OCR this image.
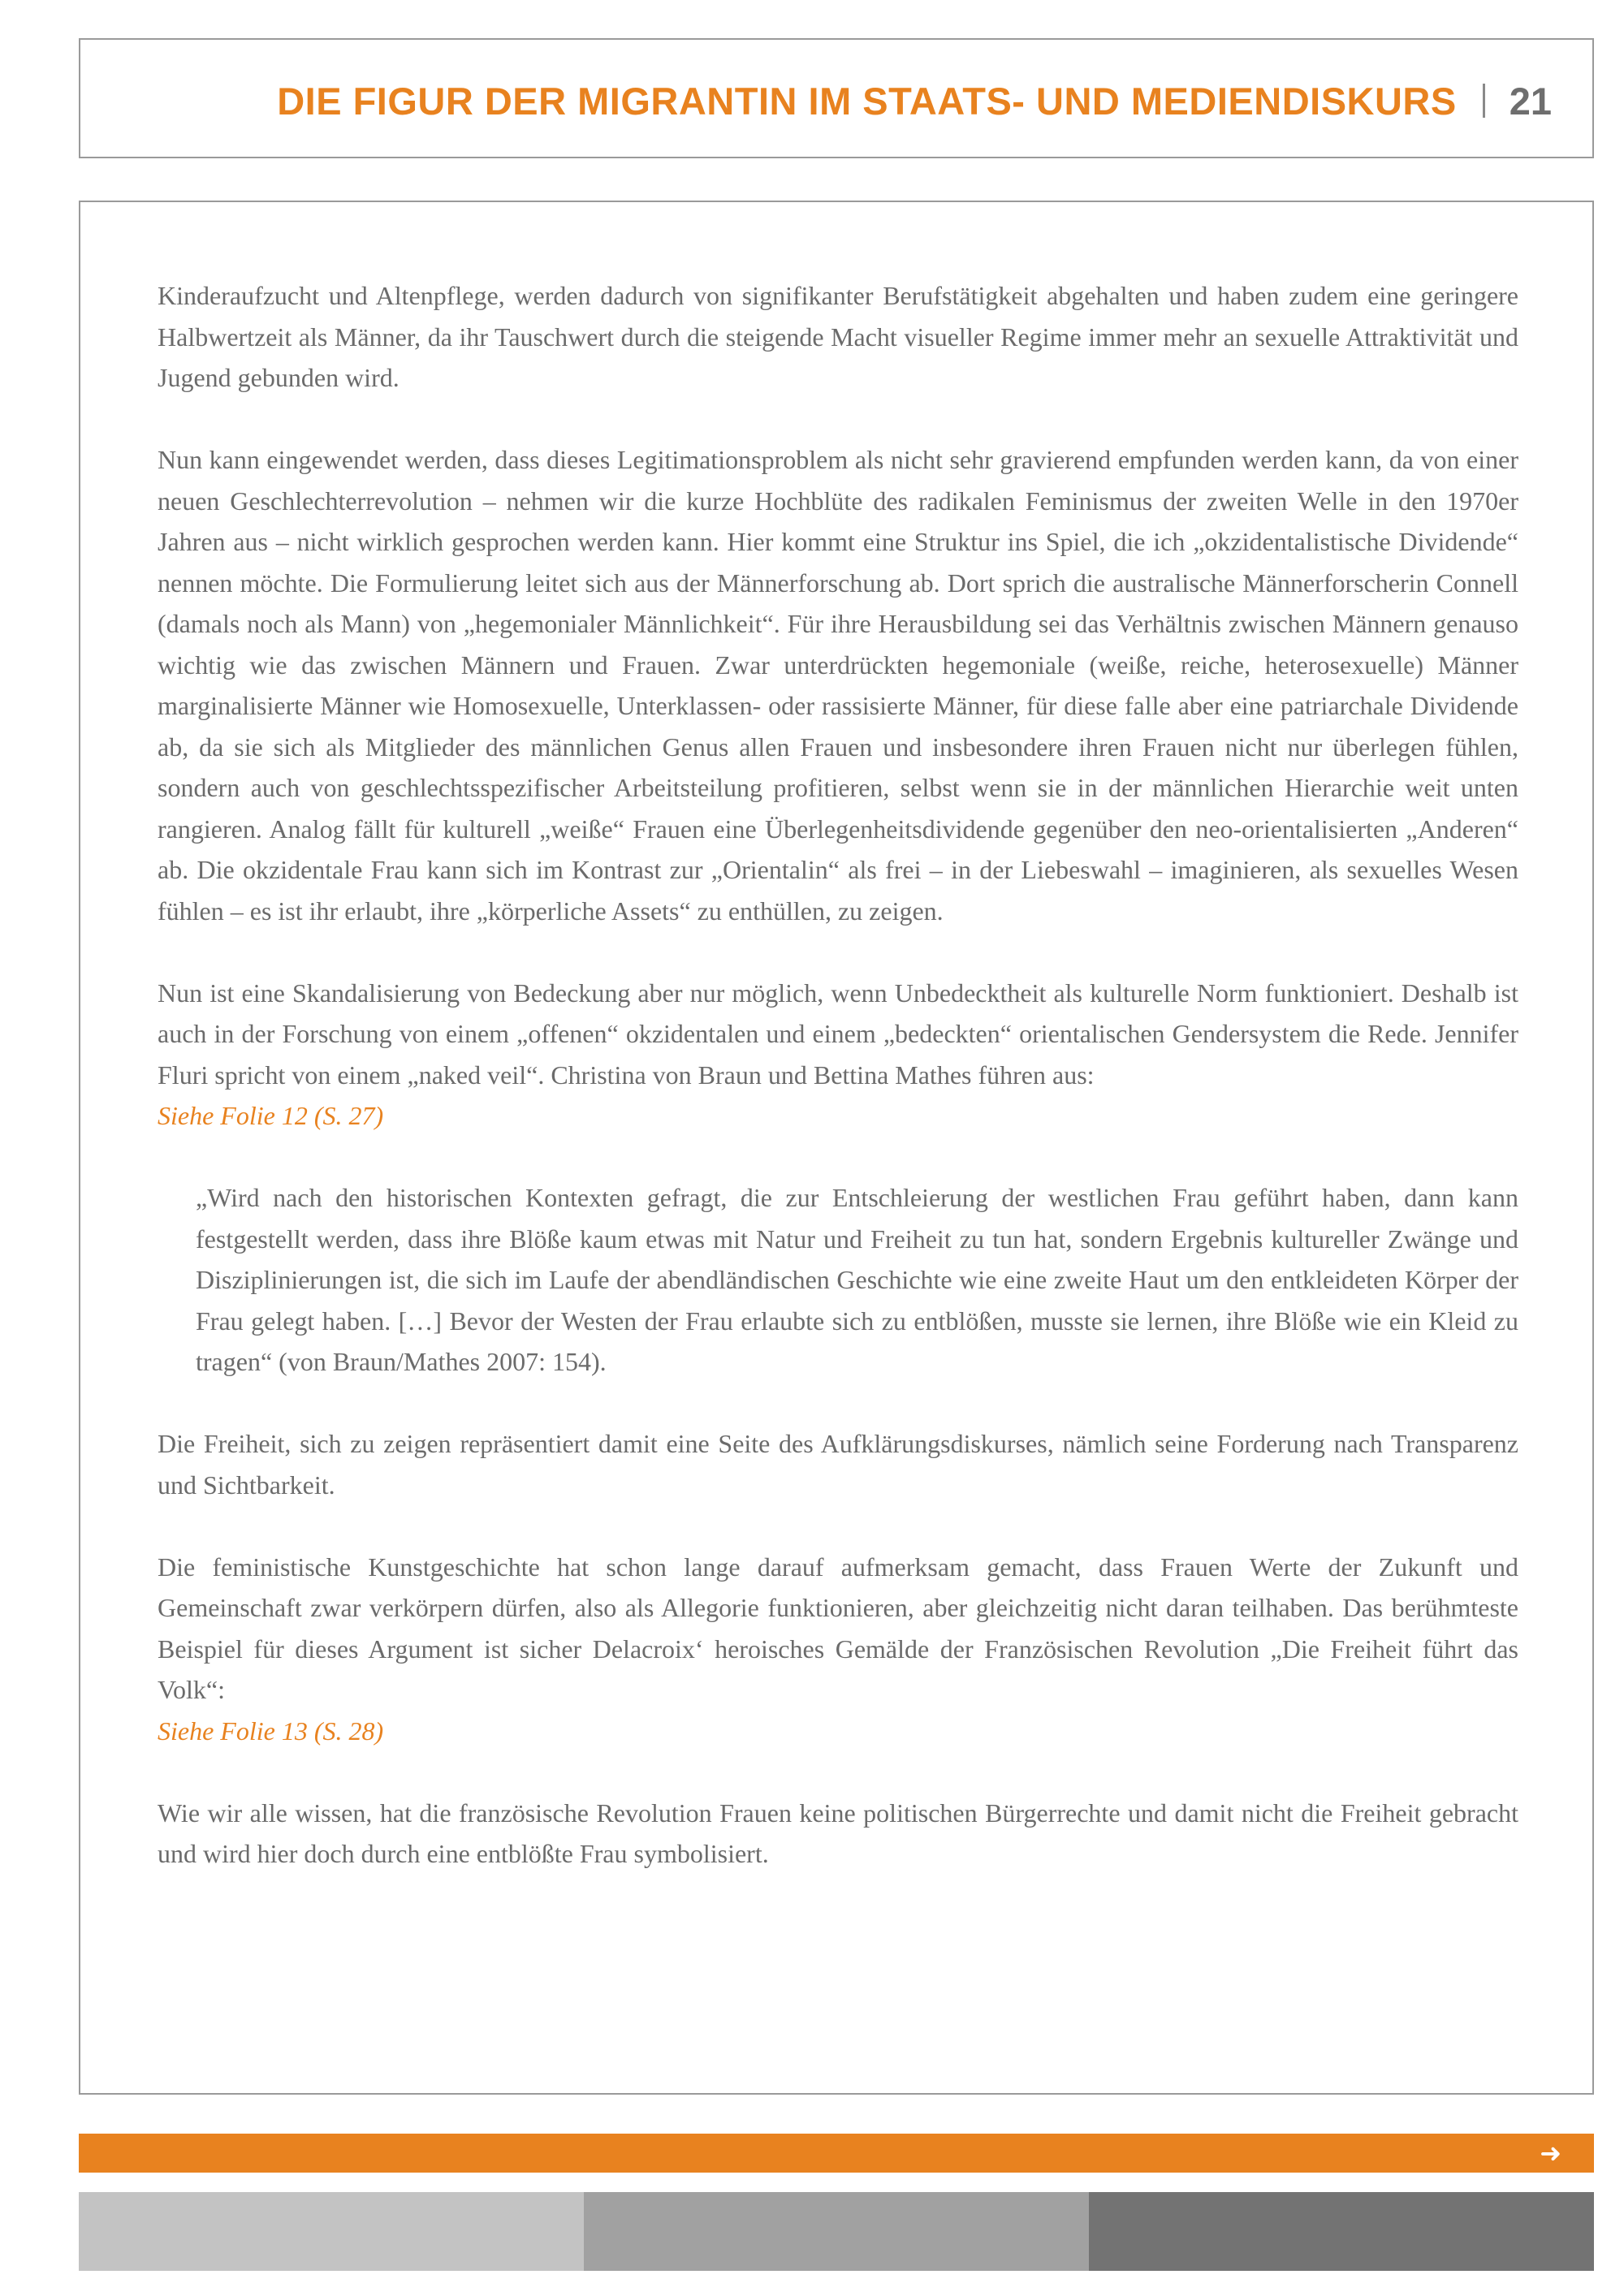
DIE FIGUR DER MIGRANTIN IM STAATS- UND MEDIENDISKURS 21

Kinderaufzucht und Altenpflege, werden dadurch von signifikanter Berufstätigkeit abgehalten und haben zudem eine geringere Halbwertzeit als Männer, da ihr Tauschwert durch die steigende Macht visueller Regime immer mehr an sexuelle Attraktivität und Jugend gebunden wird.

Nun kann eingewendet werden, dass dieses Legitimationsproblem als nicht sehr gravierend empfunden werden kann, da von einer neuen Geschlechterrevolution – nehmen wir die kurze Hochblüte des radikalen Feminismus der zweiten Welle in den 1970er Jahren aus – nicht wirklich gesprochen werden kann. Hier kommt eine Struktur ins Spiel, die ich „okzidentalistische Dividende“ nennen möchte. Die Formulierung leitet sich aus der Männerforschung ab. Dort sprich die australische Männerforscherin Connell (damals noch als Mann) von „hegemonialer Männlichkeit“. Für ihre Herausbildung sei das Verhältnis zwischen Männern genauso wichtig wie das zwischen Männern und Frauen. Zwar unterdrückten hegemoniale (weiße, reiche, heterosexuelle) Männer marginalisierte Männer wie Homosexuelle, Unterklassen- oder rassisierte Männer, für diese falle aber eine patriarchale Dividende ab, da sie sich als Mitglieder des männlichen Genus allen Frauen und insbesondere ihren Frauen nicht nur überlegen fühlen, sondern auch von geschlechtsspezifischer Arbeitsteilung profitieren, selbst wenn sie in der männlichen Hierarchie weit unten rangieren. Analog fällt für kulturell „weiße“ Frauen eine Überlegenheitsdividende gegenüber den neo-orientalisierten „Anderen“ ab. Die okzidentale Frau kann sich im Kontrast zur „Orientalin“ als frei – in der Liebeswahl – imaginieren, als sexuelles Wesen fühlen – es ist ihr erlaubt, ihre „körperliche Assets“ zu enthüllen, zu zeigen.

Nun ist eine Skandalisierung von Bedeckung aber nur möglich, wenn Unbedecktheit als kulturelle Norm funktioniert. Deshalb ist auch in der Forschung von einem „offenen“ okzidentalen und einem „bedeckten“ orientalischen Gendersystem die Rede. Jennifer Fluri spricht von einem „naked veil“. Christina von Braun und Bettina Mathes führen aus:

Siehe Folie 12 (S. 27)
„Wird nach den historischen Kontexten gefragt, die zur Entschleierung der westlichen Frau geführt haben, dann kann festgestellt werden, dass ihre Blöße kaum etwas mit Natur und Freiheit zu tun hat, sondern Ergebnis kultureller Zwänge und Disziplinierungen ist, die sich im Laufe der abendländischen Geschichte wie eine zweite Haut um den entkleideten Körper der Frau gelegt haben. […] Bevor der Westen der Frau erlaubte sich zu entblößen, musste sie lernen, ihre Blöße wie ein Kleid zu tragen“ (von Braun/Mathes 2007: 154).

Die Freiheit, sich zu zeigen repräsentiert damit eine Seite des Aufklärungsdiskurses, nämlich seine Forderung nach Transparenz und Sichtbarkeit.

Die feministische Kunstgeschichte hat schon lange darauf aufmerksam gemacht, dass Frauen Werte der Zukunft und Gemeinschaft zwar verkörpern dürfen, also als Allegorie funktionieren, aber gleichzeitig nicht daran teilhaben. Das berühmteste Beispiel für dieses Argument ist sicher Delacroix‘ heroisches Gemälde der Französischen Revolution „Die Freiheit führt das Volk“:

Siehe Folie 13 (S. 28)

Wie wir alle wissen, hat die französische Revolution Frauen keine politischen Bürgerrechte und damit nicht die Freiheit gebracht und wird hier doch durch eine entblößte Frau symbolisiert.

➜
